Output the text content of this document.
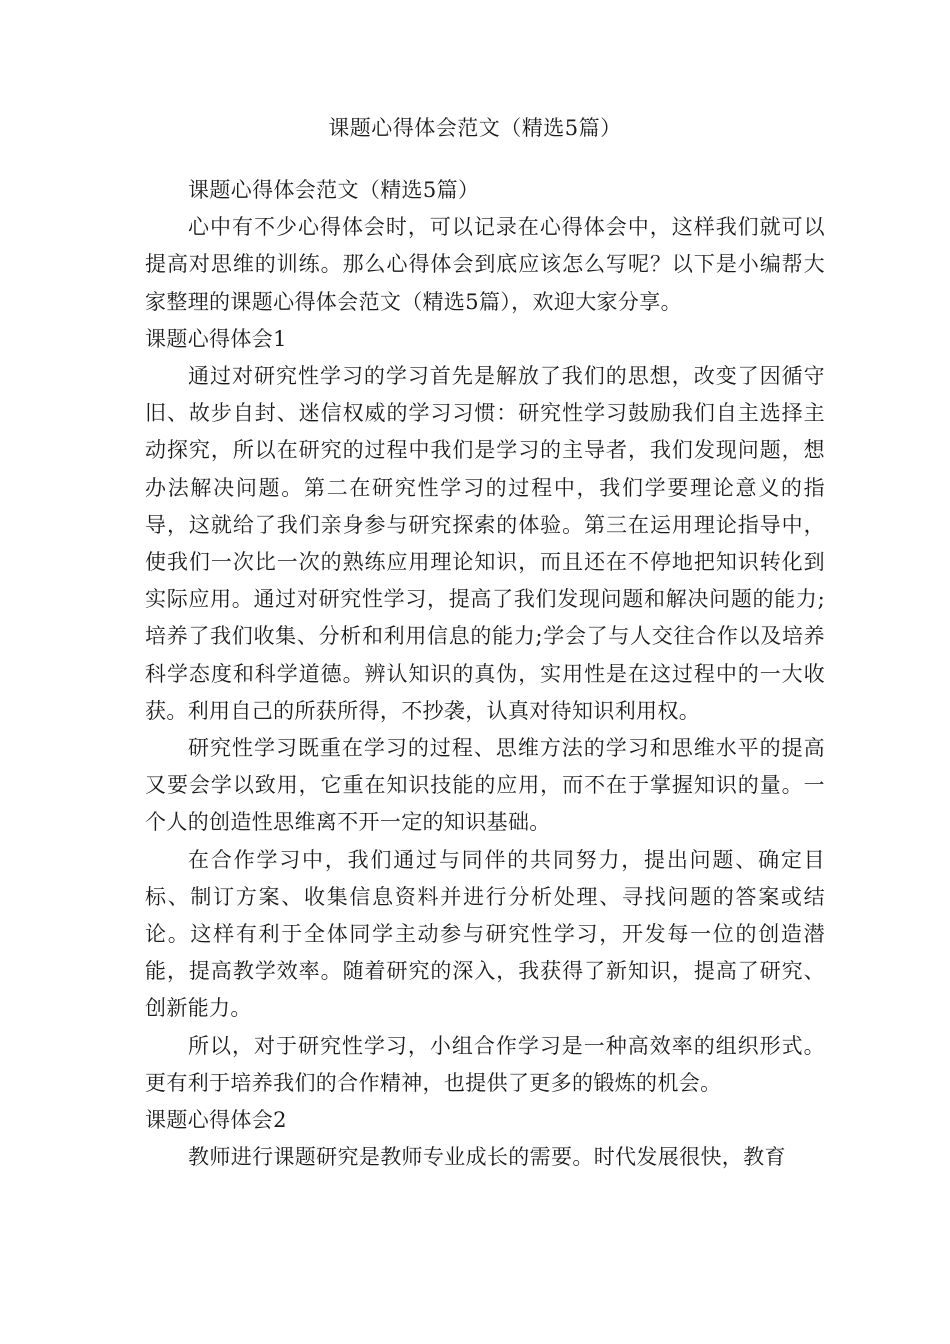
课题心得体会范文（精选5篇）

课题心得体会范文（精选5篇）

心中有不少心得体会时，可以记录在心得体会中，这样我们就可以提高对思维的训练。那么心得体会到底应该怎么写呢？以下是小编帮大家整理的课题心得体会范文（精选5篇），欢迎大家分享。

课题心得体会1

通过对研究性学习的学习首先是解放了我们的思想，改变了因循守旧、故步自封、迷信权威的学习习惯：研究性学习鼓励我们自主选择主动探究，所以在研究的过程中我们是学习的主导者，我们发现问题，想办法解决问题。第二在研究性学习的过程中，我们学要理论意义的指导，这就给了我们亲身参与研究探索的体验。第三在运用理论指导中，使我们一次比一次的熟练应用理论知识，而且还在不停地把知识转化到实际应用。通过对研究性学习，提高了我们发现问题和解决问题的能力;培养了我们收集、分析和利用信息的能力;学会了与人交往合作以及培养科学态度和科学道德。辨认知识的真伪，实用性是在这过程中的一大收获。利用自己的所获所得，不抄袭，认真对待知识利用权。

研究性学习既重在学习的过程、思维方法的学习和思维水平的提高又要会学以致用，它重在知识技能的应用，而不在于掌握知识的量。一个人的创造性思维离不开一定的知识基础。

在合作学习中，我们通过与同伴的共同努力，提出问题、确定目标、制订方案、收集信息资料并进行分析处理、寻找问题的答案或结论。这样有利于全体同学主动参与研究性学习，开发每一位的创造潜能，提高教学效率。随着研究的深入，我获得了新知识，提高了研究、创新能力。

所以，对于研究性学习，小组合作学习是一种高效率的组织形式。更有利于培养我们的合作精神，也提供了更多的锻炼的机会。

课题心得体会2

教师进行课题研究是教师专业成长的需要。时代发展很快，教育
